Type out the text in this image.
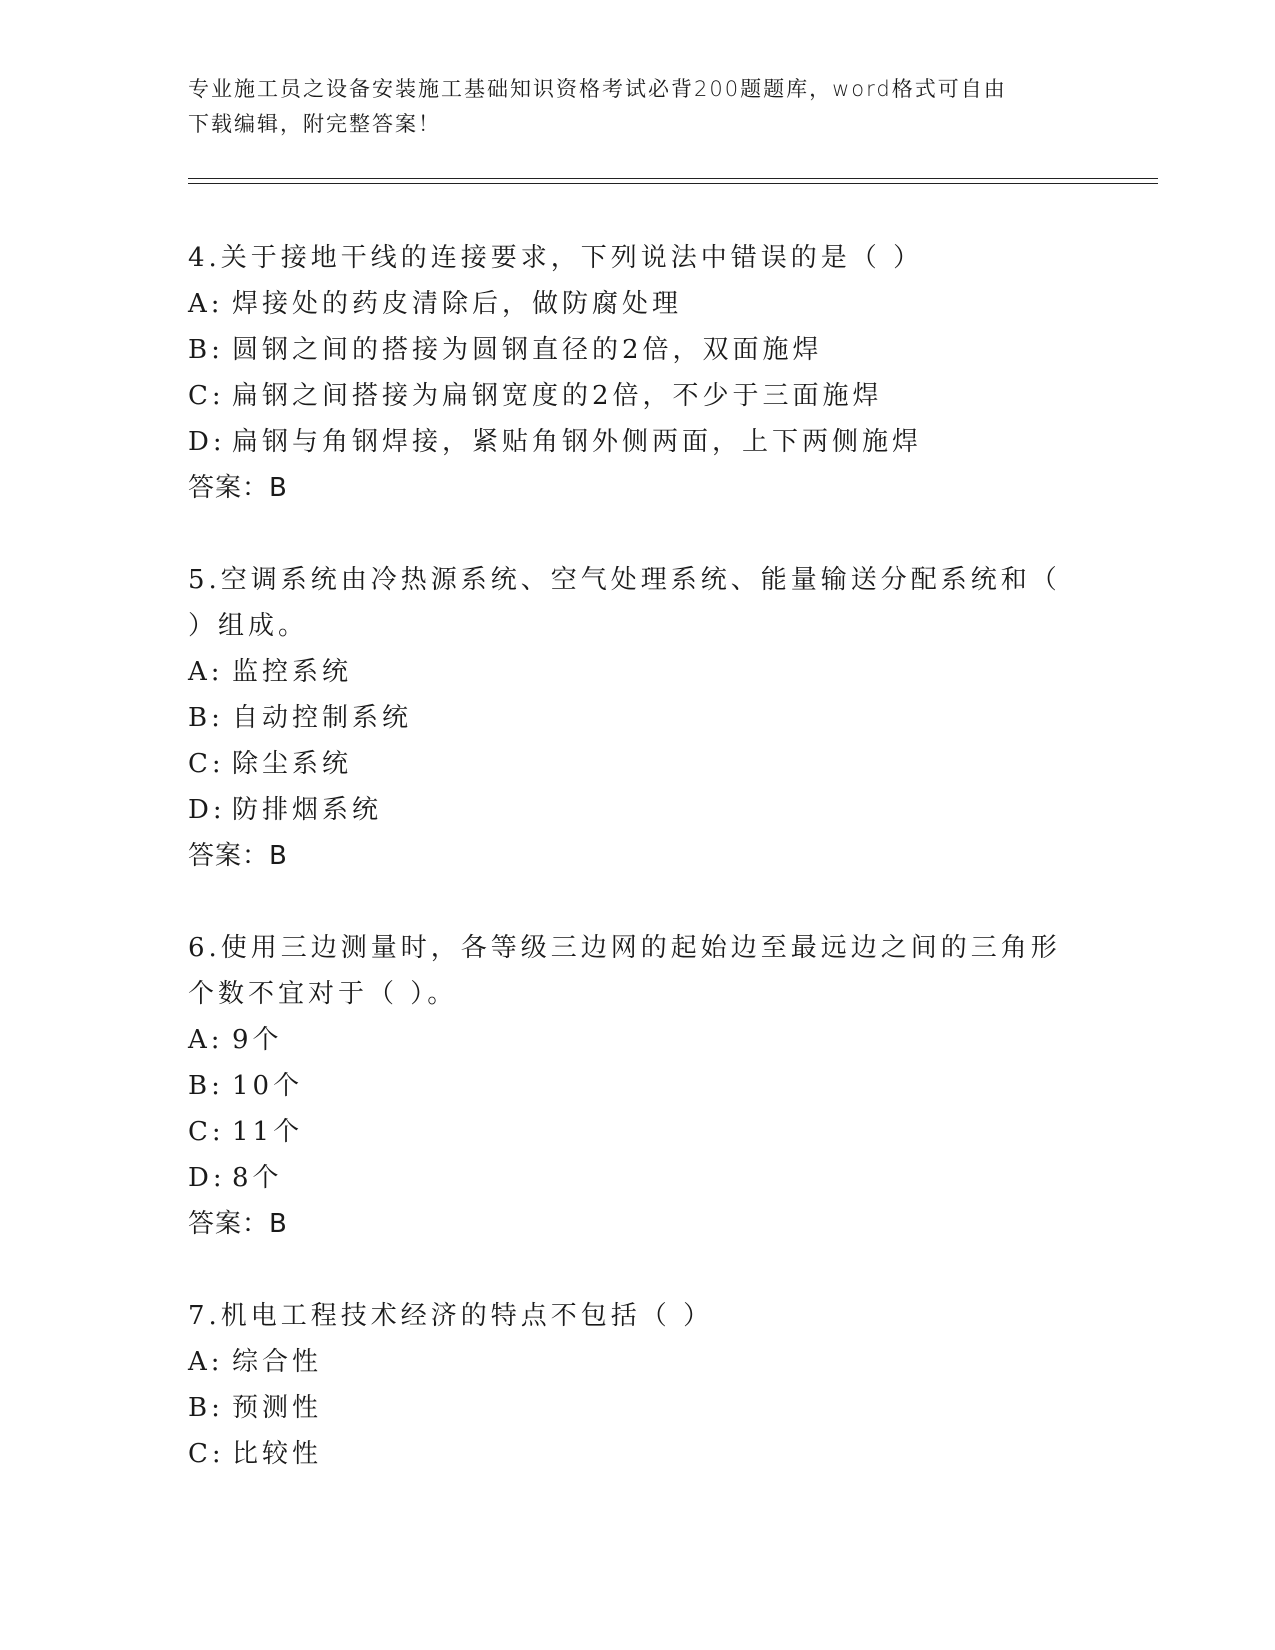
专业施工员之设备安装施工基础知识资格考试必背200题题库，word格式可自由
下载编辑，附完整答案！

4.关于接地干线的连接要求，下列说法中错误的是（ ）

A: 焊接处的药皮清除后，做防腐处理
B: 圆钢之间的搭接为圆钢直径的2倍，双面施焊
C: 扁钢之间搭接为扁钢宽度的2倍，不少于三面施焊
D: 扁钢与角钢焊接，紧贴角钢外侧两面，上下两侧施焊
答案：B

5.空调系统由冷热源系统、空气处理系统、能量输送分配系统和（ ）组成。

A: 监控系统
B: 自动控制系统
C: 除尘系统
D: 防排烟系统
答案：B

6.使用三边测量时，各等级三边网的起始边至最远边之间的三角形个数不宜对于（ ）。

A: 9个
B: 10个
C: 11个
D: 8个
答案：B

7.机电工程技术经济的特点不包括（ ）

A: 综合性
B: 预测性
C: 比较性
